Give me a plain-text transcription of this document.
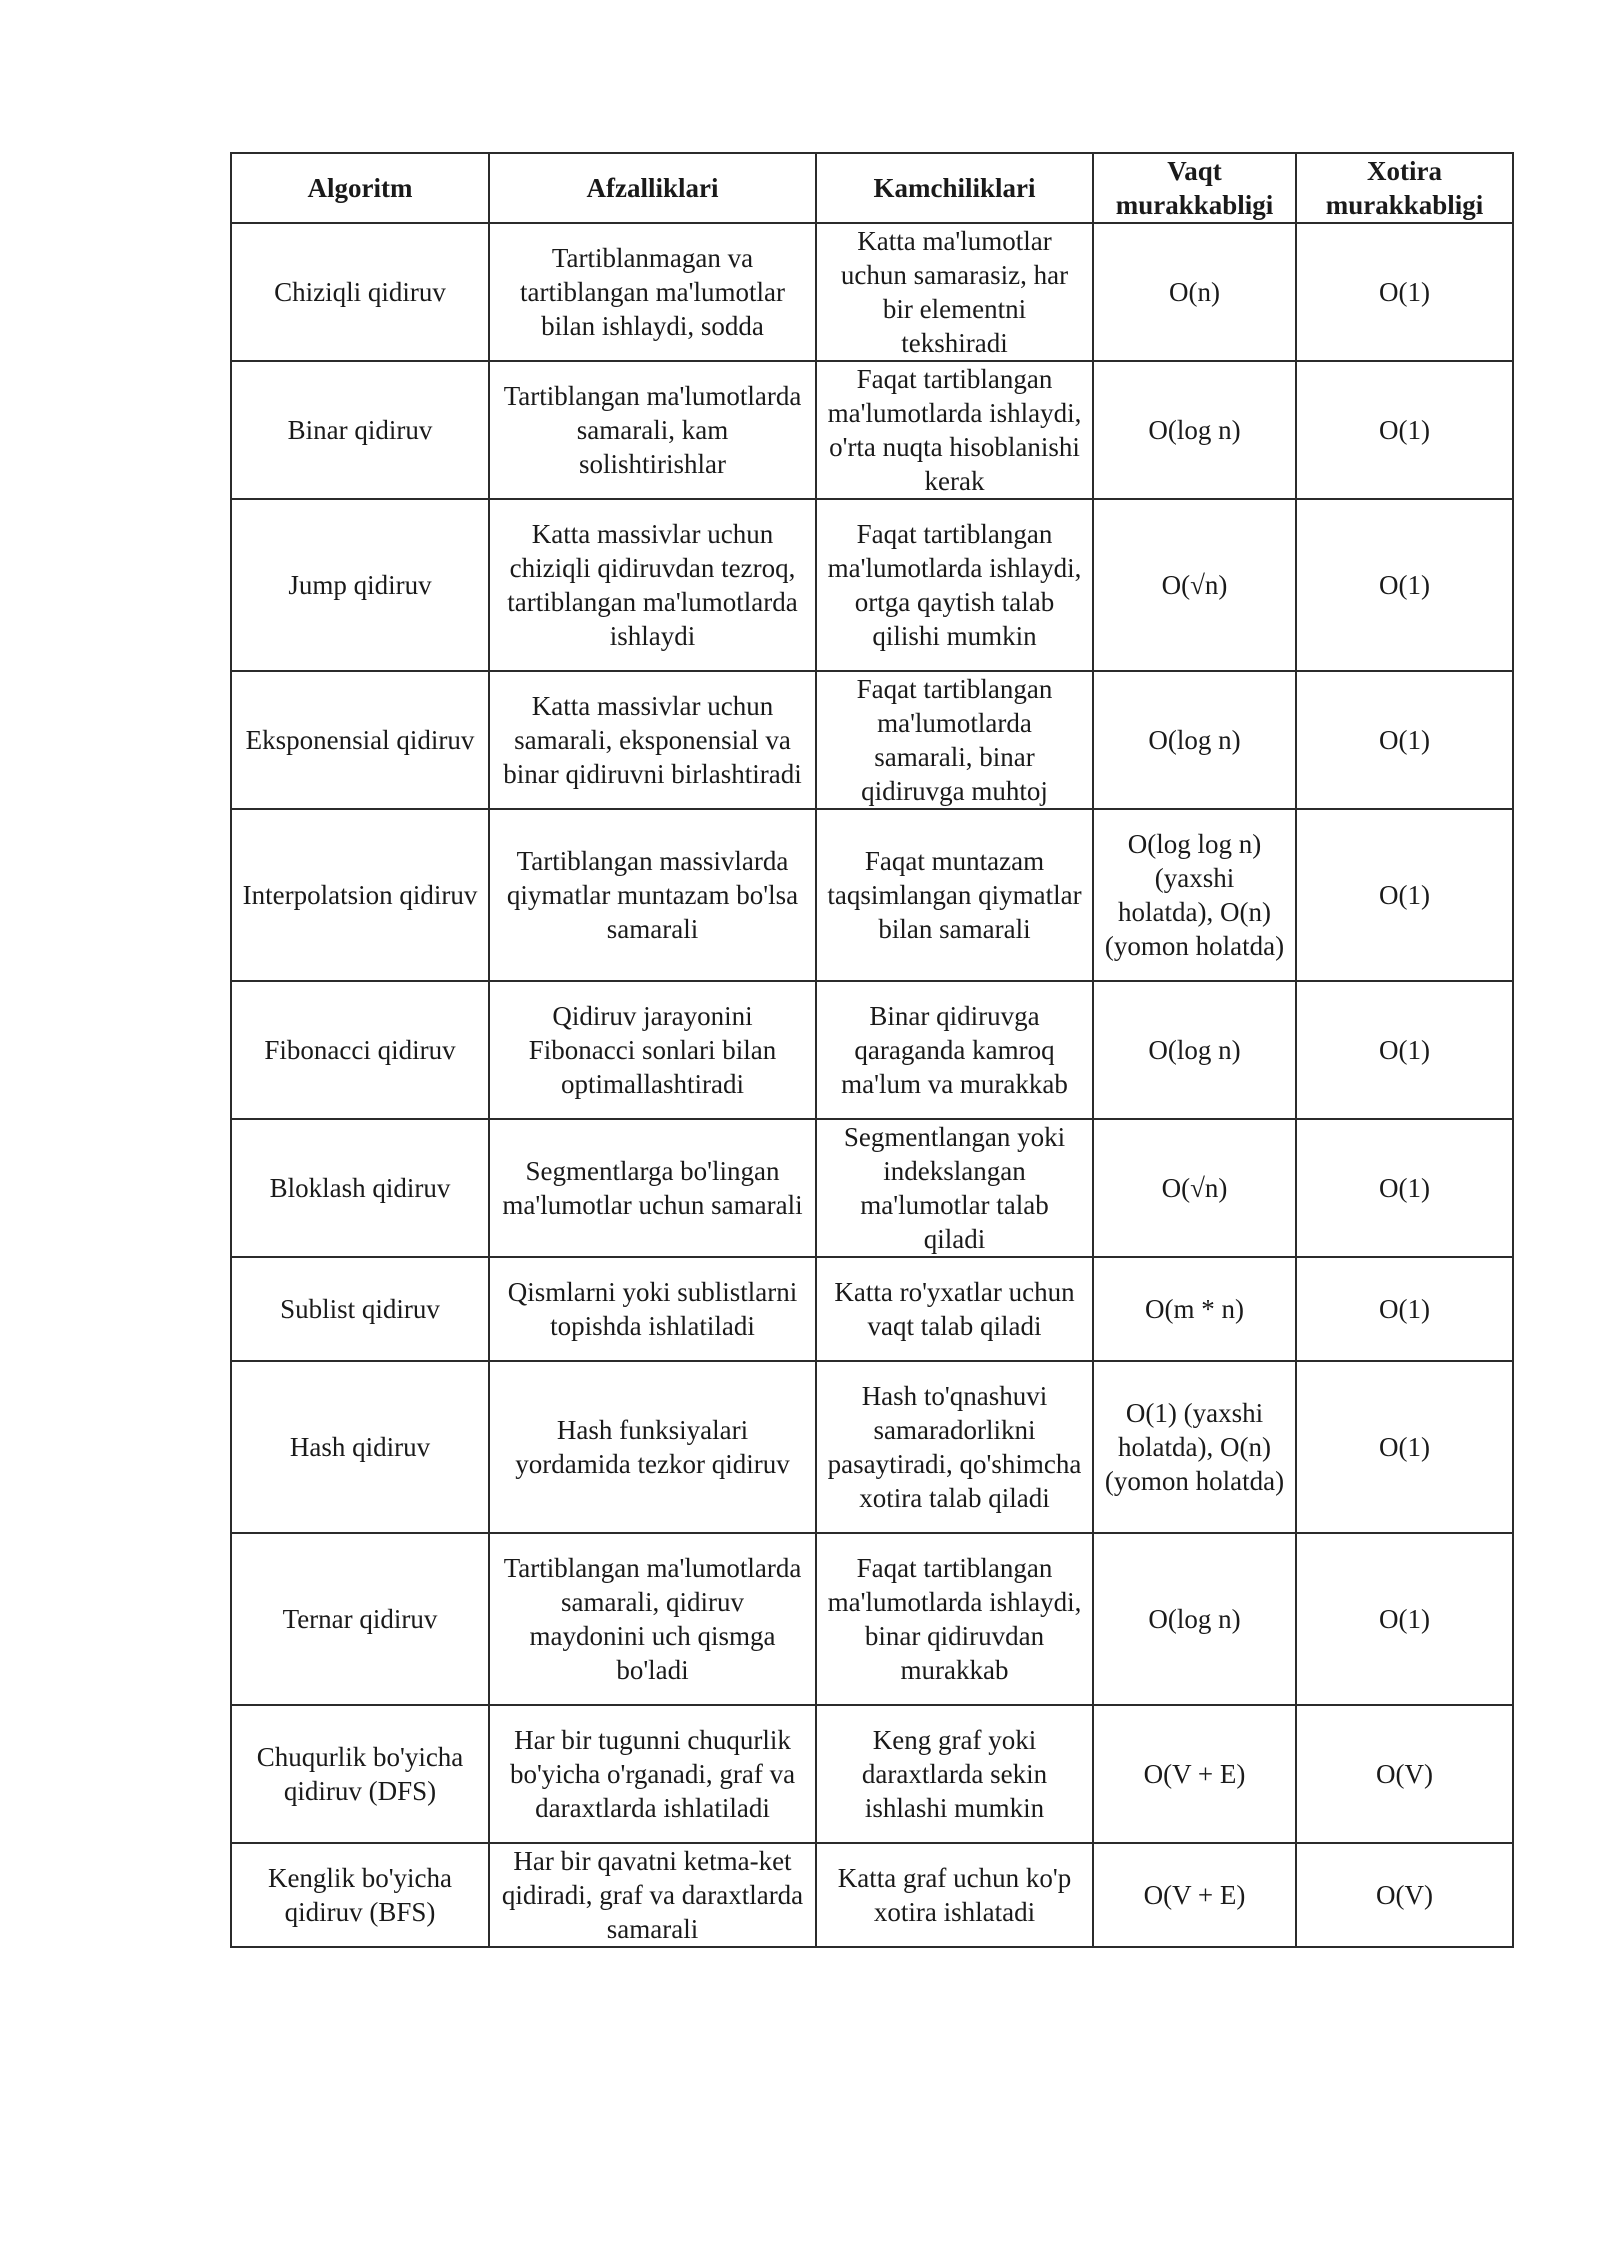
Algoritm	Afzalliklari	Kamchiliklari	Vaqt murakkabligi	Xotira murakkabligi
Chiziqli qidiruv	Tartiblanmagan va tartiblangan ma'lumotlar bilan ishlaydi, sodda	Katta ma'lumotlar uchun samarasiz, har bir elementni tekshiradi	O(n)	O(1)
Binar qidiruv	Tartiblangan ma'lumotlarda samarali, kam solishtirishlar	Faqat tartiblangan ma'lumotlarda ishlaydi, o'rta nuqta hisoblanishi kerak	O(log n)	O(1)
Jump qidiruv	Katta massivlar uchun chiziqli qidiruvdan tezroq, tartiblangan ma'lumotlarda ishlaydi	Faqat tartiblangan ma'lumotlarda ishlaydi, ortga qaytish talab qilishi mumkin	O(√n)	O(1)
Eksponensial qidiruv	Katta massivlar uchun samarali, eksponensial va binar qidiruvni birlashtiradi	Faqat tartiblangan ma'lumotlarda samarali, binar qidiruvga muhtoj	O(log n)	O(1)
Interpolatsion qidiruv	Tartiblangan massivlarda qiymatlar muntazam bo'lsa samarali	Faqat muntazam taqsimlangan qiymatlar bilan samarali	O(log log n) (yaxshi holatda), O(n) (yomon holatda)	O(1)
Fibonacci qidiruv	Qidiruv jarayonini Fibonacci sonlari bilan optimallashtiradi	Binar qidiruvga qaraganda kamroq ma'lum va murakkab	O(log n)	O(1)
Bloklash qidiruv	Segmentlarga bo'lingan ma'lumotlar uchun samarali	Segmentlangan yoki indekslangan ma'lumotlar talab qiladi	O(√n)	O(1)
Sublist qidiruv	Qismlarni yoki sublistlarni topishda ishlatiladi	Katta ro'yxatlar uchun vaqt talab qiladi	O(m * n)	O(1)
Hash qidiruv	Hash funksiyalari yordamida tezkor qidiruv	Hash to'qnashuvi samaradorlikni pasaytiradi, qo'shimcha xotira talab qiladi	O(1) (yaxshi holatda), O(n) (yomon holatda)	O(1)
Ternar qidiruv	Tartiblangan ma'lumotlarda samarali, qidiruv maydonini uch qismga bo'ladi	Faqat tartiblangan ma'lumotlarda ishlaydi, binar qidiruvdan murakkab	O(log n)	O(1)
Chuqurlik bo'yicha qidiruv (DFS)	Har bir tugunni chuqurlik bo'yicha o'rganadi, graf va daraxtlarda ishlatiladi	Keng graf yoki daraxtlarda sekin ishlashi mumkin	O(V + E)	O(V)
Kenglik bo'yicha qidiruv (BFS)	Har bir qavatni ketma-ket qidiradi, graf va daraxtlarda samarali	Katta graf uchun ko'p xotira ishlatadi	O(V + E)	O(V)
